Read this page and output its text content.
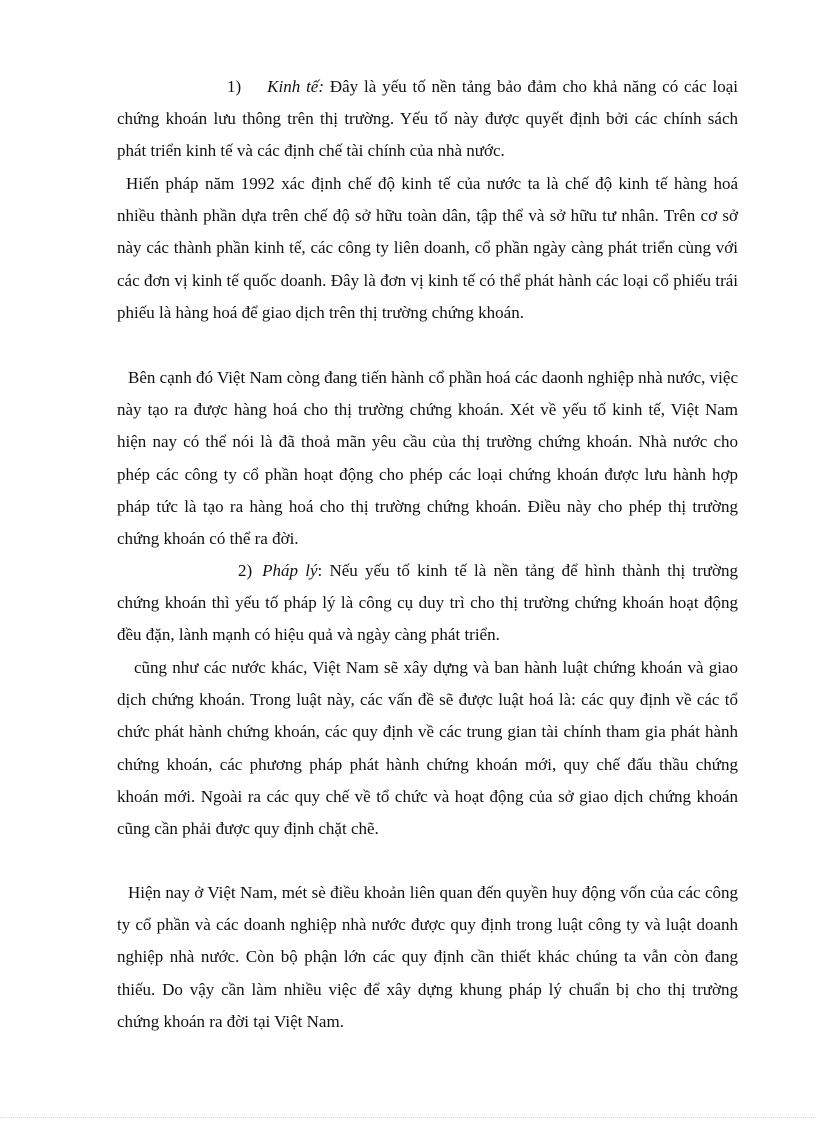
1) Kinh tế: Đây là yếu tố nền tảng bảo đảm cho khả năng có các loại chứng khoán lưu thông trên thị trường. Yếu tố này được quyết định bởi các chính sách phát triển kinh tế và các định chế tài chính của nhà nước.

Hiến pháp năm 1992 xác định chế độ kinh tế của nước ta là chế độ kinh tế hàng hoá nhiều thành phần dựa trên chế độ sở hữu toàn dân, tập thể và sở hữu tư nhân. Trên cơ sở này các thành phần kinh tế, các công ty liên doanh, cổ phần ngày càng phát triển cùng với các đơn vị kinh tế quốc doanh. Đây là đơn vị kinh tế có thể phát hành các loại cổ phiếu trái phiếu là hàng hoá để giao dịch trên thị trường chứng khoán.

Bên cạnh đó Việt Nam còng đang tiến hành cổ phần hoá các daonh nghiệp nhà nước, việc này tạo ra được hàng hoá cho thị trường chứng khoán. Xét về yếu tố kinh tế, Việt Nam hiện nay có thể nói là đã thoả mãn yêu cầu của thị trường chứng khoán. Nhà nước cho phép các công ty cổ phần hoạt động cho phép các loại chứng khoán được lưu hành hợp pháp tức là tạo ra hàng hoá cho thị trường chứng khoán. Điều này cho phép thị trường chứng khoán có thể ra đời.

2) Pháp lý: Nếu yếu tố kinh tế là nền tảng để hình thành thị trường chứng khoán thì yếu tố pháp lý là công cụ duy trì cho thị trường chứng khoán hoạt động đều đặn, lành mạnh có hiệu quả và ngày càng phát triển.

cũng như các nước khác, Việt Nam sẽ xây dựng và ban hành luật chứng khoán và giao dịch chứng khoán. Trong luật này, các vấn đề sẽ được luật hoá là: các quy định về các tổ chức phát hành chứng khoán, các quy định về các trung gian tài chính tham gia phát hành chứng khoán, các phương pháp phát hành chứng khoán mới, quy chế đấu thầu chứng khoán mới. Ngoài ra các quy chế về tổ chức và hoạt động của sở giao dịch chứng khoán cũng cần phải được quy định chặt chẽ.

Hiện nay ở Việt Nam, mét sè điều khoản liên quan đến quyền huy động vốn của các công ty cổ phần và các doanh nghiệp nhà nước được quy định trong luật công ty và luật doanh nghiệp nhà nước. Còn bộ phận lớn các quy định cần thiết khác chúng ta vẫn còn đang thiếu. Do vậy cần làm nhiều việc để xây dựng khung pháp lý chuẩn bị cho thị trường chứng khoán ra đời tại Việt Nam.
